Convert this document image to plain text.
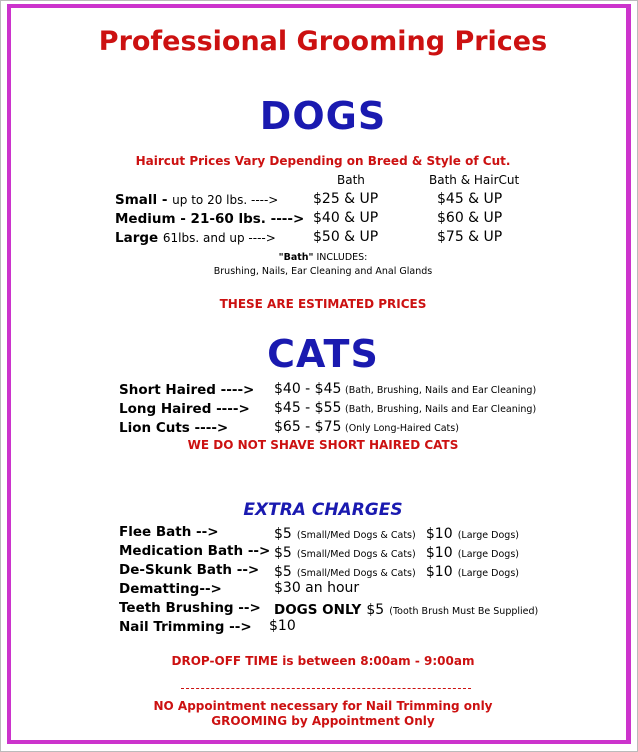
Professional Grooming Prices
DOGS
Haircut Prices Vary Depending on Breed & Style of Cut.
Bath	Bath & HairCut
Small - up to 20 lbs. ----> $25 & UP	$45 & UP
Medium - 21-60 lbs. ----> $40 & UP	$60 & UP
Large 61lbs. and up ---->	$50 & UP	$75 & UP
"Bath" INCLUDES:
Brushing, Nails, Ear Cleaning and Anal Glands
THESE ARE ESTIMATED PRICES
CATS
Short Haired ----> $40 - $45 (Bath, Brushing, Nails and Ear Cleaning)
Long Haired ----> $45 - $55 (Bath, Brushing, Nails and Ear Cleaning)
Lion Cuts ---->	$65 - $75 (Only Long-Haired Cats)
WE DO NOT SHAVE SHORT HAIRED CATS
EXTRA CHARGES
Flee Bath -->	$5 (Small/Med Dogs & Cats) $10 (Large Dogs)
Medication Bath --> $5 (Small/Med Dogs & Cats) $10 (Large Dogs)
De-Skunk Bath --> $5 (Small/Med Dogs & Cats) $10 (Large Dogs)
Dematting-->	$30 an hour
Teeth Brushing --> DOGS ONLY $5 (Tooth Brush Must Be Supplied)
Nail Trimming --> $10
DROP-OFF TIME is between 8:00am - 9:00am
NO Appointment necessary for Nail Trimming only
GROOMING by Appointment Only
